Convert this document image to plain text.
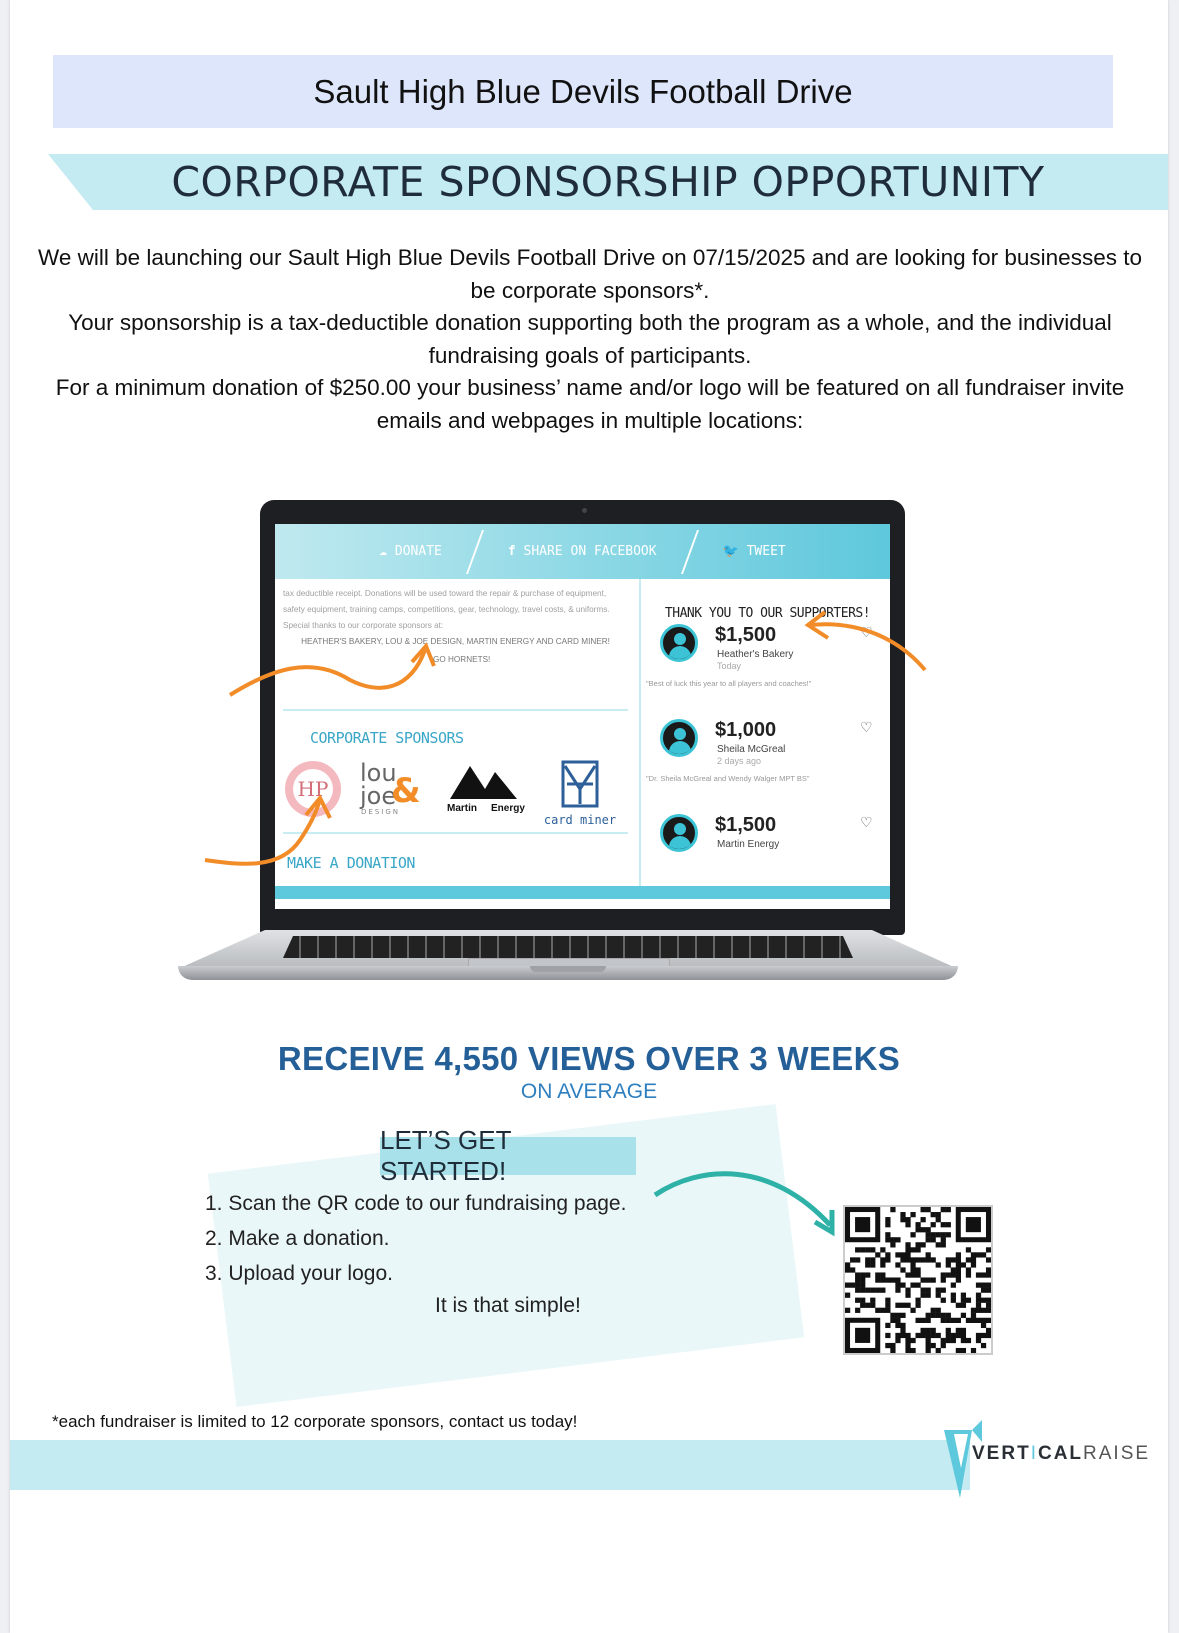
Sault High Blue Devils Football Drive
CORPORATE SPONSORSHIP OPPORTUNITY

We will be launching our Sault High Blue Devils Football Drive on 07/15/2025 and are looking for businesses to be corporate sponsors*.

Your sponsorship is a tax-deductible donation supporting both the program as a whole, and the individual fundraising goals of participants.

For a minimum donation of $250.00 your business’ name and/or logo will be featured on all fundraiser invite emails and webpages in multiple locations:

☁ DONATE	f SHARE ON FACEBOOK	🐦 TWEET
tax deductible receipt. Donations will be used toward the repair & purchase of equipment, safety equipment, training camps, competitions, gear, technology, travel costs, & uniforms. Special thanks to our corporate sponsors at:
HEATHER'S BAKERY, LOU & JOE DESIGN, MARTIN ENERGY AND CARD MINER!
GO HORNETS!
CORPORATE SPONSORS
HP
lou
joe
&
DESIGN	Martin Energy
card miner
MAKE A DONATION
THANK YOU TO OUR SUPPORTERS!
$1,500
Heather's Bakery
Today
"Best of luck this year to all players and coaches!"
♡
$1,000
Sheila McGreal
2 days ago
"Dr. Sheila McGreal and Wendy Walger MPT BS"
♡
$1,500
Martin Energy
♡
RECEIVE 4,550 VIEWS OVER 3 WEEKS
ON AVERAGE
LET’S GET STARTED!
1. Scan the QR code to our fundraising page.
2. Make a donation.
3. Upload your logo.
It is that simple!
*each fundraiser is limited to 12 corporate sponsors, contact us today!
VERTICALRAISE
